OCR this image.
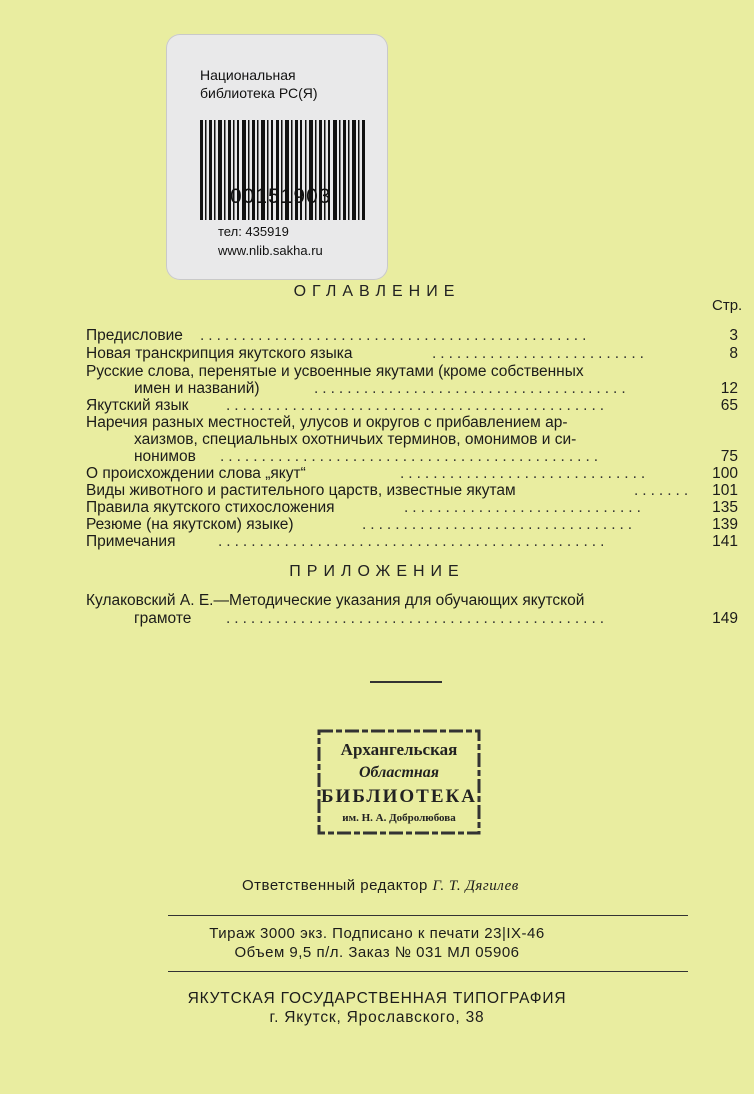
Национальная
библиотека РС(Я)
00151903
тел: 435919
www.nlib.sakha.ru
ОГЛАВЛЕНИЕ
Стр.
Предисловие ...............................................	3
Новая транскрипция якутского языка	..........................	8
Русские слова, перенятые и усвоенные якутами (кроме собственных
имен и названий)	......................................	12
Якутский язык ..............................................	65
Наречия разных местностей, улусов и округов с прибавлением ар-
хаизмов, специальных охотничьих терминов, омонимов и си-
нонимов ..............................................	75
О происхождении слова „якут“	..............................	100
Виды животного и растительного царств, известные якутам	.......	101
Правила якутского стихосложения	.............................	135
Резюме (на якутском) языке)	.................................	139
Примечания	...............................................	141
ПРИЛОЖЕНИЕ
Кулаковский А. Е.—Методические указания для обучающих якутской
грамоте ..............................................	149
Архангельская
Областная
БИБЛИОТЕКА
им. Н. А. Добролюбова
Ответственный редактор Г. Т. Дягилев
Тираж 3000 экз. Подписано к печати 23|IX-46
Объем 9,5 п/л. Заказ № 031 МЛ 05906
ЯКУТСКАЯ ГОСУДАРСТВЕННАЯ ТИПОГРАФИЯ
г. Якутск, Ярославского, 38
